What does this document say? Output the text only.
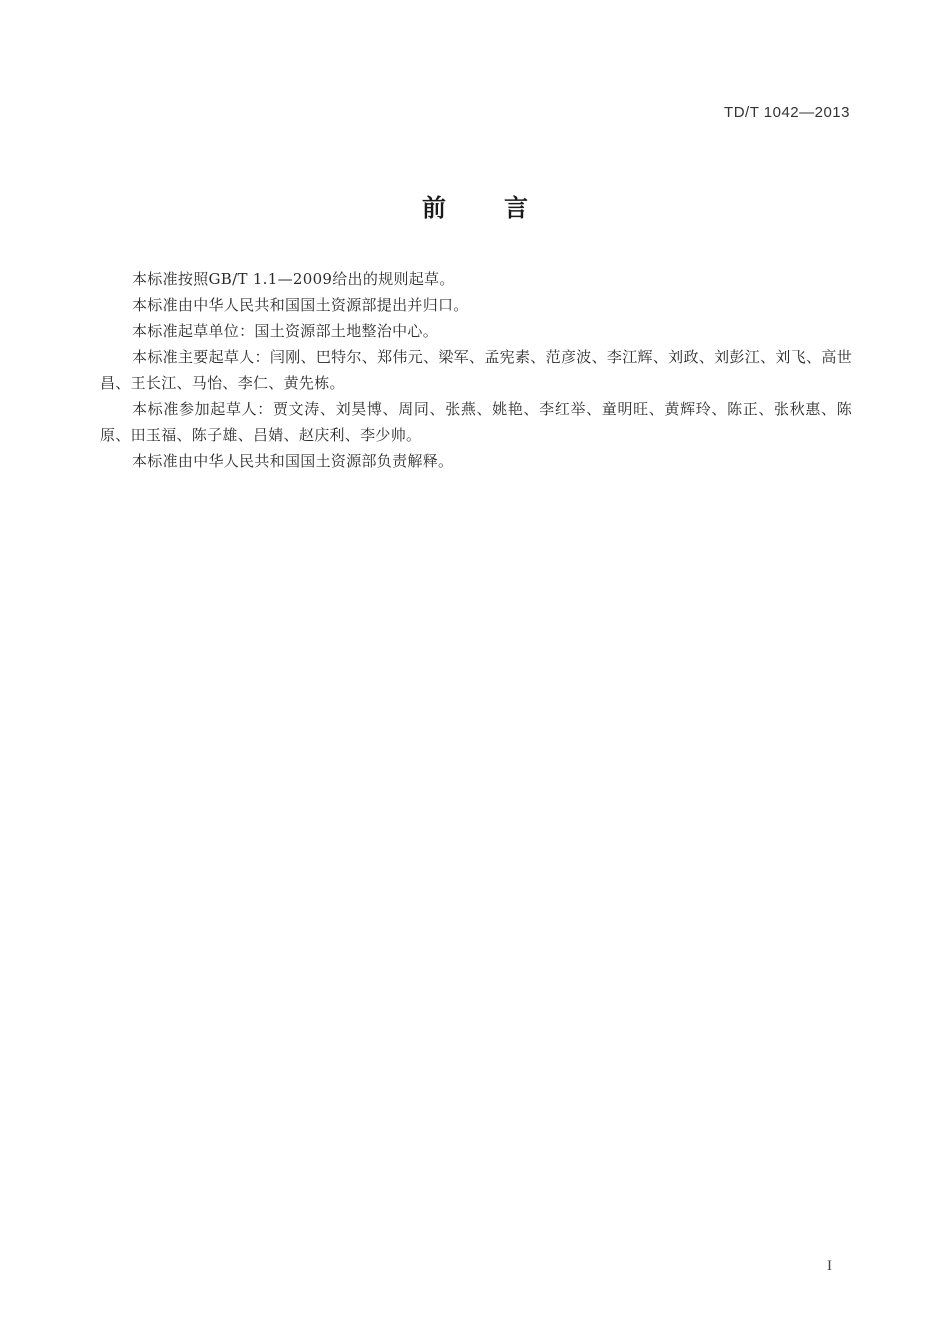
TD/T 1042—2013
前言

本标准按照GB/T 1.1—2009给出的规则起草。

本标准由中华人民共和国国土资源部提出并归口。

本标准起草单位：国土资源部土地整治中心。

本标准主要起草人：闫刚、巴特尔、郑伟元、梁军、孟宪素、范彦波、李江辉、刘政、刘彭江、刘飞、高世昌、王长江、马怡、李仁、黄先栋。

本标准参加起草人：贾文涛、刘昊博、周同、张燕、姚艳、李红举、童明旺、黄辉玲、陈正、张秋惠、陈原、田玉福、陈子雄、吕婧、赵庆利、李少帅。

本标准由中华人民共和国国土资源部负责解释。

I
